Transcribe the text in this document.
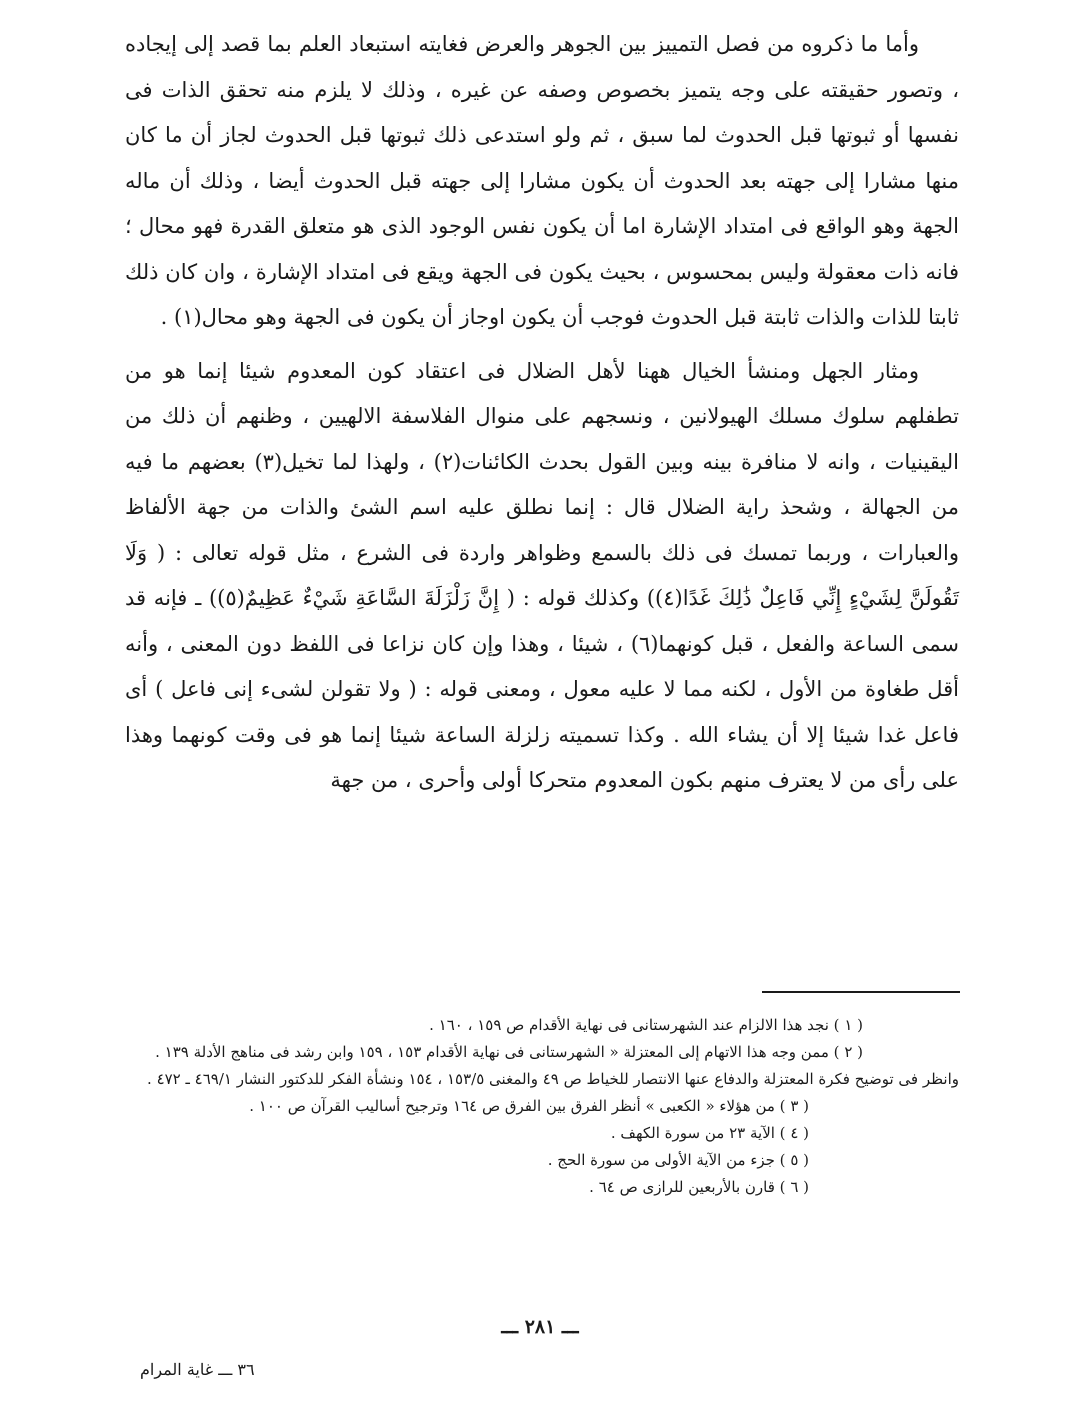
وأما ما ذكروه من فصل التمييز بين الجوهر والعرض فغايته استبعاد العلم بما قصد إلى إيجاده ، وتصور حقيقته على وجه يتميز بخصوص وصفه عن غيره ، وذلك لا يلزم منه تحقق الذات فى نفسها أو ثبوتها قبل الحدوث لما سبق ، ثم ولو استدعى ذلك ثبوتها قبل الحدوث لجاز أن ما كان منها مشارا إلى جهته بعد الحدوث أن يكون مشارا إلى جهته قبل الحدوث أيضا ، وذلك أن ماله الجهة وهو الواقع فى امتداد الإشارة اما أن يكون نفس الوجود الذى هو متعلق القدرة فهو محال ؛ فانه ذات معقولة وليس بمحسوس ، بحيث يكون فى الجهة ويقع فى امتداد الإشارة ، وان كان ذلك ثابتا للذات والذات ثابتة قبل الحدوث فوجب أن يكون اوجاز أن يكون فى الجهة وهو محال(١) .

ومثار الجهل ومنشأ الخيال ههنا لأهل الضلال فى اعتقاد كون المعدوم شيئا إنما هو من تطفلهم سلوك مسلك الهيولانين ، ونسجهم على منوال الفلاسفة الالهيين ، وظنهم أن ذلك من اليقينيات ، وانه لا منافرة بينه وبين القول بحدث الكائنات(٢) ، ولهذا لما تخيل(٣) بعضهم ما فيه من الجهالة ، وشحذ راية الضلال قال : إنما نطلق عليه اسم الشئ والذات من جهة الألفاظ والعبارات ، وربما تمسك فى ذلك بالسمع وظواهر واردة فى الشرع ، مثل قوله تعالى : ( وَلَا تَقُولَنَّ لِشَيْءٍ إِنِّي فَاعِلٌ ذَٰلِكَ غَدًا(٤)) وكذلك قوله : ( إِنَّ زَلْزَلَةَ السَّاعَةِ شَيْءٌ عَظِيمٌ(٥)) ـ فإنه قد سمى الساعة والفعل ، قبل كونهما(٦) ، شيئا ، وهذا وإن كان نزاعا فى اللفظ دون المعنى ، وأنه أقل طغاوة من الأول ، لكنه مما لا عليه معول ، ومعنى قوله : ( ولا تقولن لشىء إنى فاعل ) أى فاعل غدا شيئا إلا أن يشاء الله . وكذا تسميته زلزلة الساعة شيئا إنما هو فى وقت كونهما وهذا على رأى من لا يعترف منهم بكون المعدوم متحركا أولى وأحرى ، من جهة

( ١ ) نجد هذا الالزام عند الشهرستانى فى نهاية الأقدام ص ١٥٩ ، ١٦٠ .

( ٢ ) ممن وجه هذا الاتهام إلى المعتزلة « الشهرستانى فى نهاية الأقدام ١٥٣ ، ١٥٩ وابن رشد فى مناهج الأدلة ١٣٩ .

وانظر فى توضيح فكرة المعتزلة والدفاع عنها الانتصار للخياط ص ٤٩ والمغنى ١٥٣/٥ ، ١٥٤ ونشأة الفكر للدكتور النشار ٤٦٩/١ ـ ٤٧٢ .

( ٣ ) من هؤلاء « الكعبى » أنظر الفرق بين الفرق ص ١٦٤ وترجيح أساليب القرآن ص ١٠٠ .

( ٤ ) الآية ٢٣ من سورة الكهف .

( ٥ ) جزء من الآية الأولى من سورة الحج .

( ٦ ) قارن بالأربعين للرازى ص ٦٤ .

ـــ ٢٨١ ـــ
٣٦ ـــ غاية المرام
